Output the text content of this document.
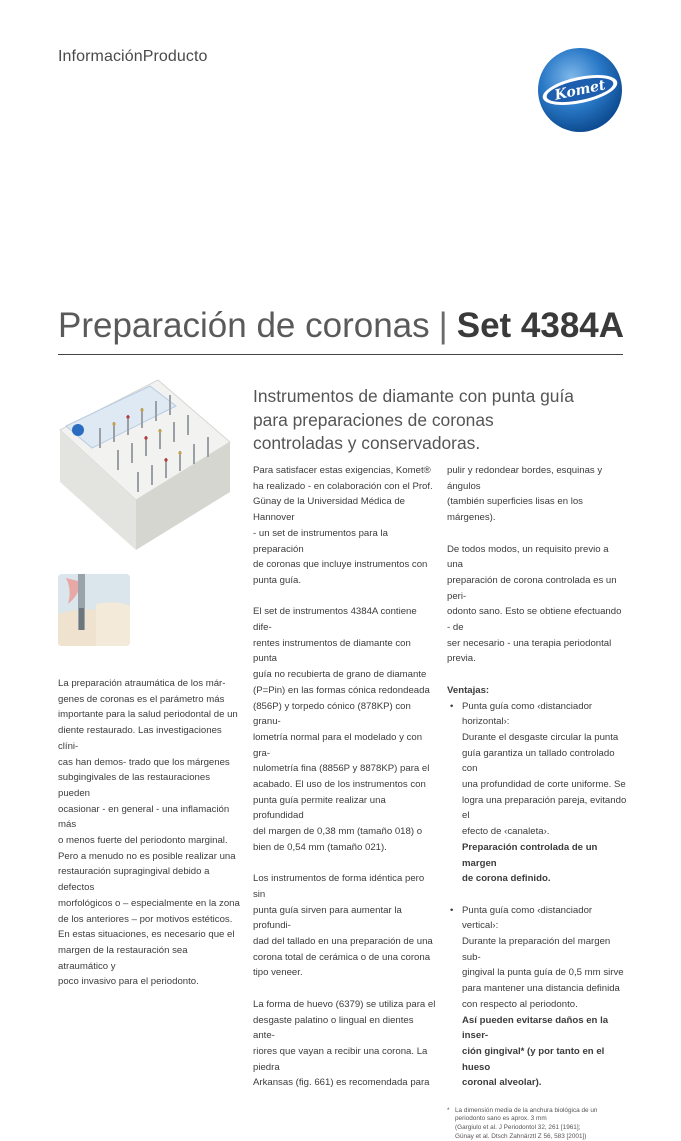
InformaciónProducto
Komet
Preparación de coronas | Set 4384A

La preparación atraumática de los már-

genes de coronas es el parámetro más

importante para la salud periodontal de un

diente restaurado. Las investigaciones clíni-

cas han demos- trado que los márgenes

subgingivales de las restauraciones pueden

ocasionar - en general - una inflamación más

o menos fuerte del periodonto marginal.

Pero a menudo no es posible realizar una

restauración supragingival debido a defectos

morfológicos o – especialmente en la zona

de los anteriores – por motivos estéticos.

En estas situaciones, es necesario que el

margen de la restauración sea atraumático y

poco invasivo para el periodonto.

Instrumentos de diamante con punta guía para preparaciones de coronas controladas y conservadoras.

Para satisfacer estas exigencias, Komet®
ha realizado - en colaboración con el Prof.
Günay de la Universidad Médica de Hannover
- un set de instrumentos para la preparación
de coronas que incluye instrumentos con
punta guía.

El set de instrumentos 4384A contiene dife-
rentes instrumentos de diamante con punta
guía no recubierta de grano de diamante
(P=Pin) en las formas cónica redondeada
(856P) y torpedo cónico (878KP) con granu-
lometría normal para el modelado y con gra-
nulometría fina (8856P y 8878KP) para el
acabado. El uso de los instrumentos con
punta guía permite realizar una profundidad
del margen de 0,38 mm (tamaño 018) o
bien de 0,54 mm (tamaño 021).

Los instrumentos de forma idéntica pero sin
punta guía sirven para aumentar la profundi-
dad del tallado en una preparación de una
corona total de cerámica o de una corona
tipo veneer.

La forma de huevo (6379) se utiliza para el
desgaste palatino o lingual en dientes ante-
riores que vayan a recibir una corona. La piedra
Arkansas (fig. 661) es recomendada para

pulir y redondear bordes, esquinas y ángulos
(también superficies lisas en los márgenes).

De todos modos, un requisito previo a una
preparación de corona controlada es un peri-
odonto sano. Esto se obtiene efectuando - de
ser necesario - una terapia periodontal previa.

Ventajas:

• Punta guía como ‹distanciador horizontal›:
Durante el desgaste circular la punta
guía garantiza un tallado controlado con
una profundidad de corte uniforme. Se
logra una preparación pareja, evitando el
efecto de ‹canaleta›.
Preparación controlada de un margen
de corona definido.
• Punta guía como ‹distanciador vertical›:
Durante la preparación del margen sub-
gingival la punta guía de 0,5 mm sirve
para mantener una distancia definida
con respecto al periodonto.
Así pueden evitarse daños en la inser-
ción gingival* (y por tanto en el hueso
coronal alveolar).
* La dimensión media de la anchura biológica de un
periodonto sano es aprox. 3 mm
(Gargiulo et al. J Periodontol 32, 261 [1961];
Günay et al. Dtsch Zahnärztl Z 56, 583 [2001])
